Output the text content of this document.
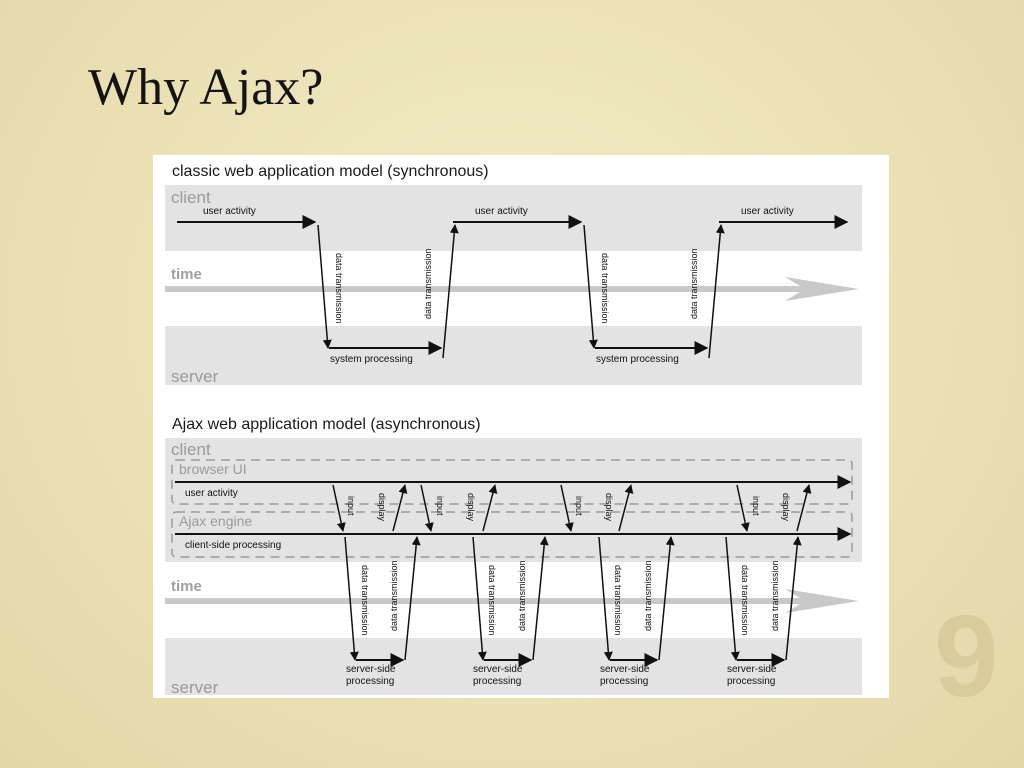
Why Ajax?
classic web application model (synchronous)
client
time
server
user activity	user activity	user activity
data transmission	data transmission	data transmission	data transmission
system processing	system processing
Ajax web application model (asynchronous)
client
browser UI
Ajax engine
user activity
client-side processing
input display	input display	input display	input display
time
server
data transmission data transmission
server-side
processing
data transmission data transmission
server-side
processing
data transmission data transmission
server-side
processing
data transmission data transmission
server-side
processing 9
